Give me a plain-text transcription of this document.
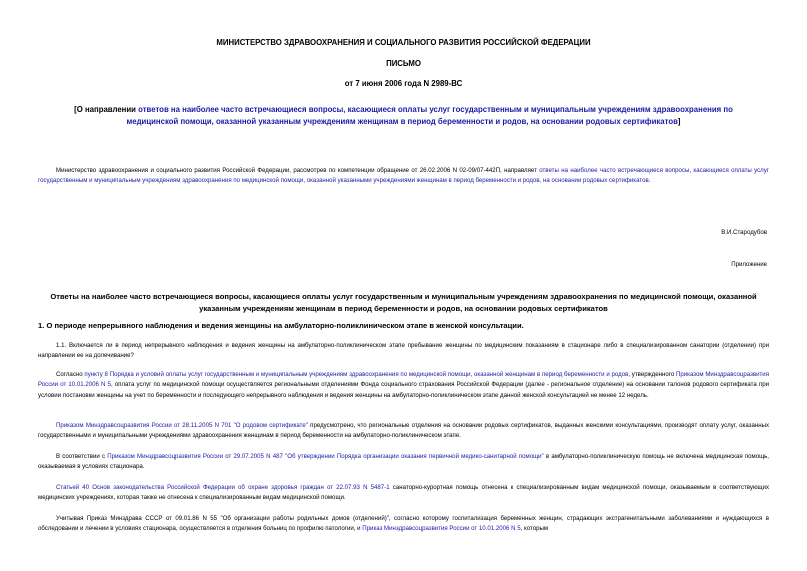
МИНИСТЕРСТВО ЗДРАВООХРАНЕНИЯ И СОЦИАЛЬНОГО РАЗВИТИЯ РОССИЙСКОЙ ФЕДЕРАЦИИ
ПИСЬМО
от 7 июня 2006 года N 2989-ВС
[О направлении ответов на наиболее часто встречающиеся вопросы, касающиеся оплаты услуг государственным и муниципальным учреждениям здравоохранения по медицинской помощи, оказанной указанным учреждениям женщинам в период беременности и родов, на основании родовых сертификатов]
Министерство здравоохранения и социального развития Российской Федерации, рассмотрев по компетенции обращение от 26.02.2006 N 02-09/07-442П, направляет ответы на наиболее часто встречающиеся вопросы, касающиеся оплаты услуг государственным и муниципальным учреждениям здравоохранения по медицинской помощи, оказанной указанными учреждениями женщинам в период беременности и родов, на основании родовых сертификатов.
В.И.Стародубов
Приложение
Ответы на наиболее часто встречающиеся вопросы, касающиеся оплаты услуг государственным и муниципальным учреждениям здравоохранения по медицинской помощи, оказанной указанным учреждениям женщинам в период беременности и родов, на основании родовых сертификатов
1. О периоде непрерывного наблюдения и ведения женщины на амбулаторно-поликлиническом этапе в женской консультации.
1.1. Включается ли в период непрерывного наблюдения и ведения женщины на амбулаторно-поликлиническом этапе пребывание женщины по медицинским показаниям в стационаре либо в специализированном санатории (отделении) при направлении ее на долечивание?
Согласно пункту 8 Порядка и условий оплаты услуг государственным и муниципальным учреждениям здравоохранения по медицинской помощи, оказанной женщинам в период беременности и родов, утвержденного Приказом Минздравсоцразвития России от 10.01.2006 N 5, оплата услуг по медицинской помощи осуществляется региональными отделениями Фонда социального страхования Российской Федерации (далее - региональное отделение) на основании талонов родового сертификата при условии постановки женщины на учет по беременности и последующего непрерывного наблюдения и ведения женщины на амбулаторно-поликлиническом этапе данной женской консультацией не менее 12 недель.
Приказом Минздравсоцразвития России от 28.11.2005 N 701 "О родовом сертификате" предусмотрено, что региональные отделения на основании родовых сертификатов, выданных женскими консультациями, производят оплату услуг, оказанных государственными и муниципальными учреждениями здравоохранения женщинам в период беременности на амбулаторно-поликлиническом этапе.
В соответствии с Приказом Минздравсоцразвития России от 29.07.2005 N 487 "Об утверждении Порядка организации оказания первичной медико-санитарной помощи" в амбулаторно-поликлиническую помощь не включена медицинская помощь, оказываемая в условиях стационара.
Статьей 40 Основ законодательства Российской Федерации об охране здоровья граждан от 22.07.93 N 5487-1 санаторно-курортная помощь отнесена к специализированным видам медицинской помощи, оказываемым в соответствующих медицинских учреждениях, которая также не отнесена к специализированным видам медицинской помощи.
Учитывая Приказ Минздрава СССР от 09.01.86 N 55 "Об организации работы родильных домов (отделений)", согласно которому госпитализация беременных женщин, страдающих экстрагенитальными заболеваниями и нуждающихся в обследовании и лечении в условиях стационара, осуществляется в отделения больниц по профилю патологии, и Приказ Минздравсоцразвития России от 10.01.2006 N 5, которым
